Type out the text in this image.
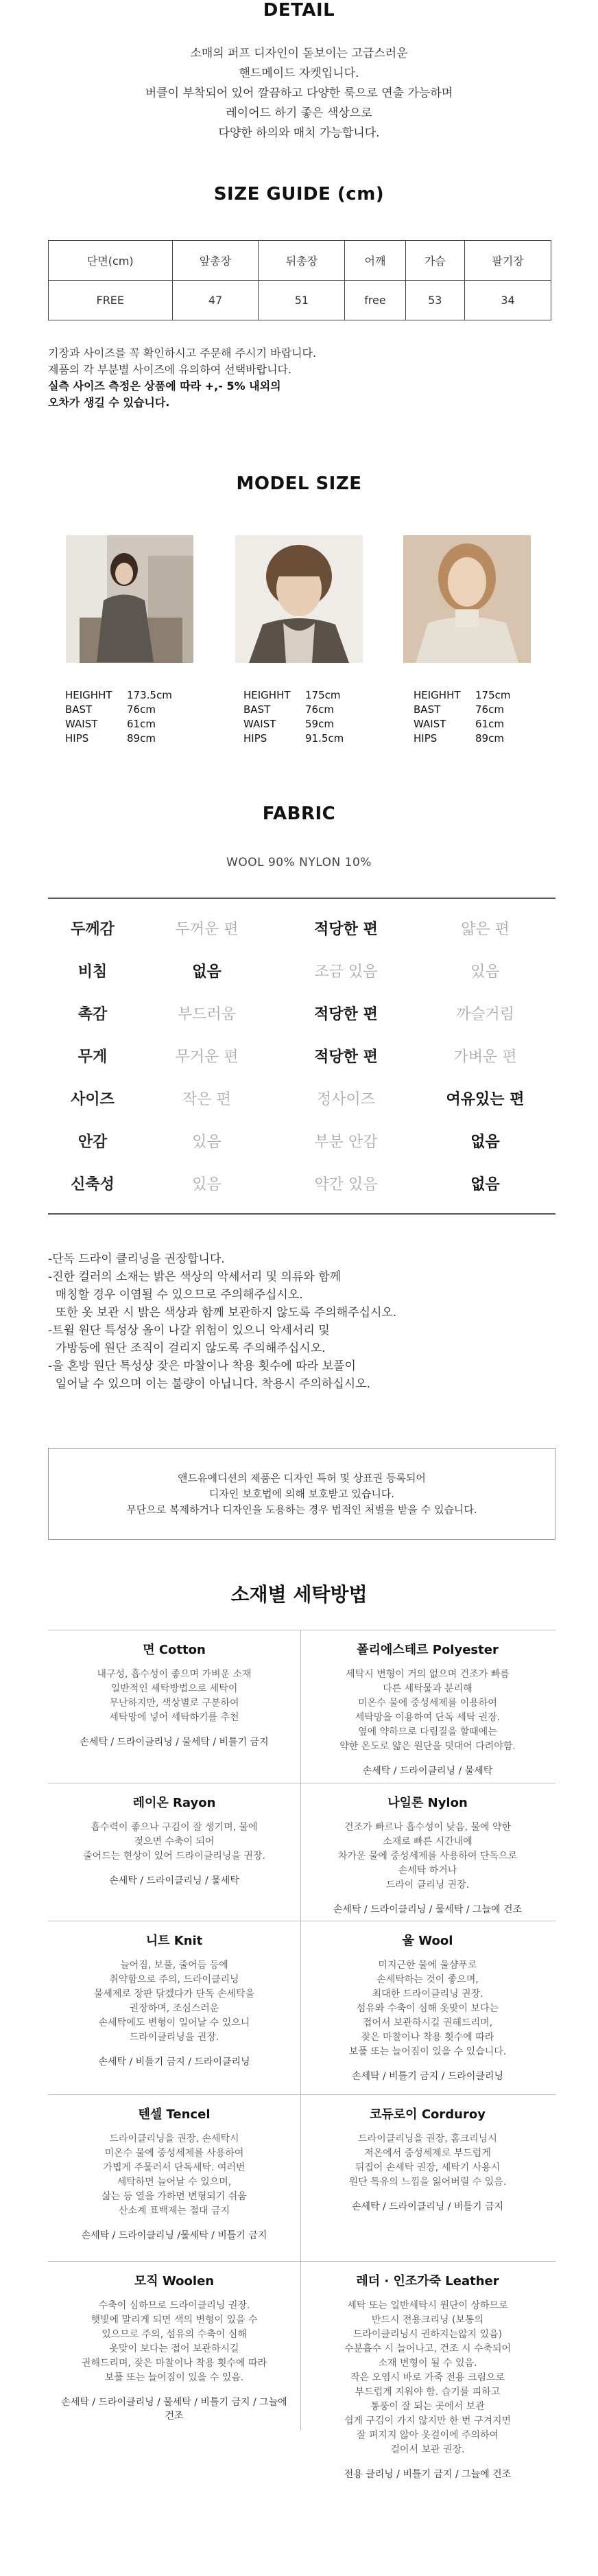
DETAIL
소매의 퍼프 디자인이 돋보이는 고급스러운
핸드메이드 자켓입니다.
버클이 부착되어 있어 깔끔하고 다양한 룩으로 연출 가능하며
레이어드 하기 좋은 색상으로
다양한 하의와 매치 가능합니다.
SIZE GUIDE (cm)
단면(cm)	앞총장	뒤총장	어깨	가슴	팔기장
FREE	47	51	free	53	34
기장과 사이즈를 꼭 확인하시고 주문해 주시기 바랍니다.
제품의 각 부분별 사이즈에 유의하여 선택바랍니다.
실측 사이즈 측정은 상품에 따라 +,- 5% 내외의
오차가 생길 수 있습니다.
MODEL SIZE
HEIGHHT	173.5cm
BAST	76cm
WAIST	61cm
HIPS	89cm
HEIGHHT	175cm
BAST	76cm
WAIST	59cm
HIPS	91.5cm
HEIGHHT	175cm
BAST	76cm
WAIST	61cm
HIPS	89cm
FABRIC
WOOL 90% NYLON 10%
두께감	두꺼운 편	적당한 편	얇은 편
비침	없음	조금 있음	있음
촉감	부드러움	적당한 편	까슬거림
무게	무거운 편	적당한 편	가벼운 편
사이즈	작은 편	정사이즈	여유있는 편
안감	있음	부분 안감	없음
신축성	있음	약간 있음	없음
-단독 드라이 클리닝을 권장합니다.
-진한 컬러의 소재는 밝은 색상의 악세서리 및 의류와 함께
매칭할 경우 이염될 수 있으므로 주의해주십시오.
또한 옷 보관 시 밝은 색상과 함께 보관하지 않도록 주의해주십시오.
-트윌 원단 특성상 올이 나갈 위험이 있으니 악세서리 및
가방등에 원단 조직이 걸리지 않도록 주의해주십시오.
-울 혼방 원단 특성상 잦은 마찰이나 착용 횟수에 따라 보풀이
일어날 수 있으며 이는 불량이 아닙니다. 착용시 주의하십시오.
앤드유에디션의 제품은 디자인 특허 및 상표권 등록되어
디자인 보호법에 의해 보호받고 있습니다.
무단으로 복제하거나 디자인을 도용하는 경우 법적인 처벌을 받을 수 있습니다.
소재별 세탁방법
면 Cotton
내구성, 흡수성이 좋으며 가벼운 소재
일반적인 세탁방법으로 세탁이
무난하지만, 색상별로 구분하여
세탁망에 넣어 세탁하기를 추천
손세탁 / 드라이클리닝 / 물세탁 / 비틀기 금지
폴리에스테르 Polyester
세탁시 변형이 거의 없으며 건조가 빠름
다른 세탁물과 분리해
미온수 물에 중성세제를 이용하여
세탁망을 이용하여 단독 세탁 권장.
옆에 약하므로 다림질을 할때에는
약한 온도로 얇은 원단을 덧대어 다려야함.
손세탁 / 드라이클리닝 / 물세탁
레이온 Rayon
흡수력이 좋으나 구김이 잘 생기며, 물에
젖으면 수축이 되어
줄어드는 현상이 있어 드라이클리닝을 권장.
손세탁 / 드라이클리닝 / 물세탁
나일론 Nylon
건조가 빠르나 흡수성이 낮음, 물에 약한
소재로 빠른 시간내에
차가운 물에 중성세제를 사용하여 단독으로
손세탁 하거나
드라이 클리닝 권장.
손세탁 / 드라이클리닝 / 물세탁 / 그늘에 건조
니트 Knit
늘어짐, 보풀, 줄어듬 등에
취약함으로 주의, 드라이클리닝
물세제로 장판 닦겠다가 단독 손세탁을
권장하며, 조심스러운
손세탁에도 변형이 일어날 수 있으니
드라이클리닝을 권장.
손세탁 / 비틀기 금지 / 드라이클리닝
울 Wool
미지근한 물에 울샴푸로
손세탁하는 것이 좋으며,
최대한 드라이클리닝 권장.
섬유와 수축이 심해 옷맞이 보다는
접어서 보관하시길 권해드리며,
잦은 마찰이나 착용 횟수에 따라
보풀 또는 늘어짐이 있을 수 있습니다.
손세탁 / 비틀기 금지 / 드라이클리닝
텐셀 Tencel
드라이클리닝을 권장, 손세탁시
미온수 물에 중성세제를 사용하여
가볍게 주물러서 단독세탁. 여러번
세탁하면 늘어날 수 있으며,
삶는 등 열을 가하면 변형되기 쉬움
산소계 표백제는 절대 금지
손세탁 / 드라이클리닝 /물세탁 / 비틀기 금지
코듀로이 Corduroy
드라이클리닝을 권장, 홈크리닝시
저온에서 중성세제로 부드럽게
뒤집어 손세탁 권장, 세탁기 사용시
원단 특유의 느낌을 잃어버릴 수 있음.
손세탁 / 드라이클리닝 / 비틀기 금지
모직 Woolen
수축이 심하므로 드라이클리닝 권장.
햇빛에 말리게 되면 색의 변형이 있을 수
있으므로 주의, 섬유의 수축이 심해
옷맞이 보다는 접어 보관하시길
권해드리며, 잦은 마찰이나 착용 횟수에 따라
보풀 또는 늘어짐이 있을 수 있음.
손세탁 / 드라이클리닝 / 물세탁 / 비틀기 금지 / 그늘에 건조
레더 · 인조가죽 Leather
세탁 또는 일반세탁시 원단이 상하므로
반드시 전용크리닝 (보통의
드라이클리닝시 권하지는않지 있음)
수분흡수 시 늘어나고, 건조 시 수축되어
소재 변형이 될 수 있음.
작은 오염시 바로 가죽 전용 크림으로
부드럽게 지워야 함. 습기를 피하고
통풍이 잘 되는 곳에서 보관
쉽게 구김이 가지 않지만 한 번 구겨지면
잘 펴지지 않아 옷걸이에 주의하여
걸어서 보관 권장.
전용 클리닝 / 비틀기 금지 / 그늘에 건조
